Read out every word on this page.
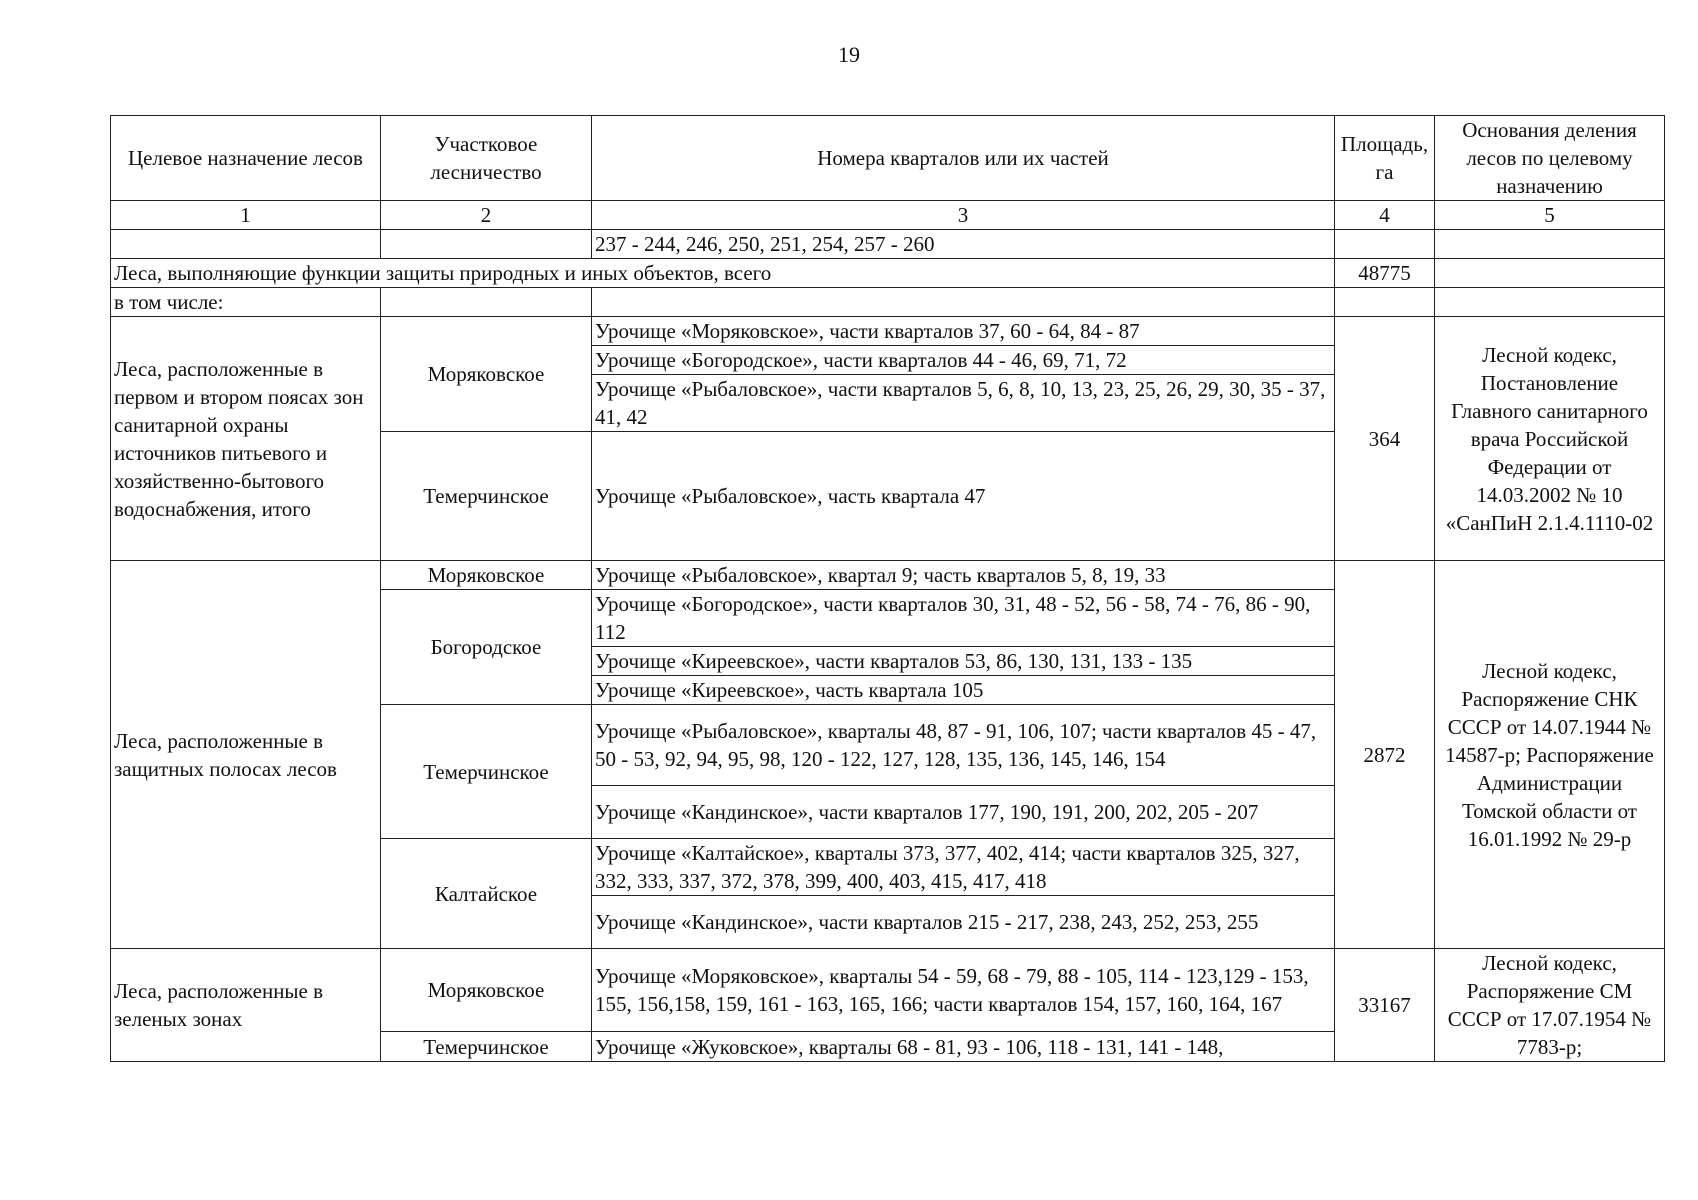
19
Целевое назначение лесов	Участковое лесничество	Номера кварталов или их частей	Площадь, га	Основания деления лесов по целевому назначению
1	2	3	4	5
		237 - 244, 246, 250, 251, 254, 257 - 260		
Леса, выполняющие функции защиты природных и иных объектов, всего			48775	
в том числе:				
Леса, расположенные в первом и втором поясах зон санитарной охраны источников питьевого и хозяйственно-бытового водоснабжения, итого	Моряковское	Урочище «Моряковское», части кварталов 37, 60 - 64, 84 - 87	364	Лесной кодекс, Постановление Главного санитарного врача Российской Федерации от 14.03.2002 № 10 «СанПиН 2.1.4.1110-02
		Урочище «Богородское», части кварталов 44 - 46, 69, 71, 72		
		Урочище «Рыбаловское», части кварталов 5, 6, 8, 10, 13, 23, 25, 26, 29, 30, 35 - 37, 41, 42		
	Темерчинское	Урочище «Рыбаловское», часть квартала 47		
Леса, расположенные в защитных полосах лесов	Моряковское	Урочище «Рыбаловское», квартал 9; часть кварталов 5, 8, 19, 33	2872	Лесной кодекс, Распоряжение СНК СССР от 14.07.1944 № 14587-р; Распоряжение Администрации Томской области от 16.01.1992 № 29-р
	Богородское	Урочище «Богородское», части кварталов 30, 31, 48 - 52, 56 - 58, 74 - 76, 86 - 90, 112		
		Урочище «Киреевское», части кварталов 53, 86, 130, 131, 133 - 135		
		Урочище «Киреевское», часть квартала 105		
	Темерчинское	Урочище «Рыбаловское», кварталы 48, 87 - 91, 106, 107; части кварталов 45 - 47, 50 - 53, 92, 94, 95, 98, 120 - 122, 127, 128, 135, 136, 145, 146, 154		
		Урочище «Кандинское», части кварталов 177, 190, 191, 200, 202, 205 - 207		
	Калтайское	Урочище «Калтайское», кварталы 373, 377, 402, 414; части кварталов 325, 327, 332, 333, 337, 372, 378, 399, 400, 403, 415, 417, 418		
		Урочище «Кандинское», части кварталов 215 - 217, 238, 243, 252, 253, 255		
Леса, расположенные в зеленых зонах	Моряковское	Урочище «Моряковское», кварталы 54 - 59, 68 - 79, 88 - 105, 114 - 123,129 - 153, 155, 156,158, 159, 161 - 163, 165, 166; части кварталов 154, 157, 160, 164, 167	33167	Лесной кодекс, Распоряжение СМ СССР от 17.07.1954 № 7783-р;
	Темерчинское	Урочище «Жуковское», кварталы 68 - 81, 93 - 106, 118 - 131, 141 - 148,		
